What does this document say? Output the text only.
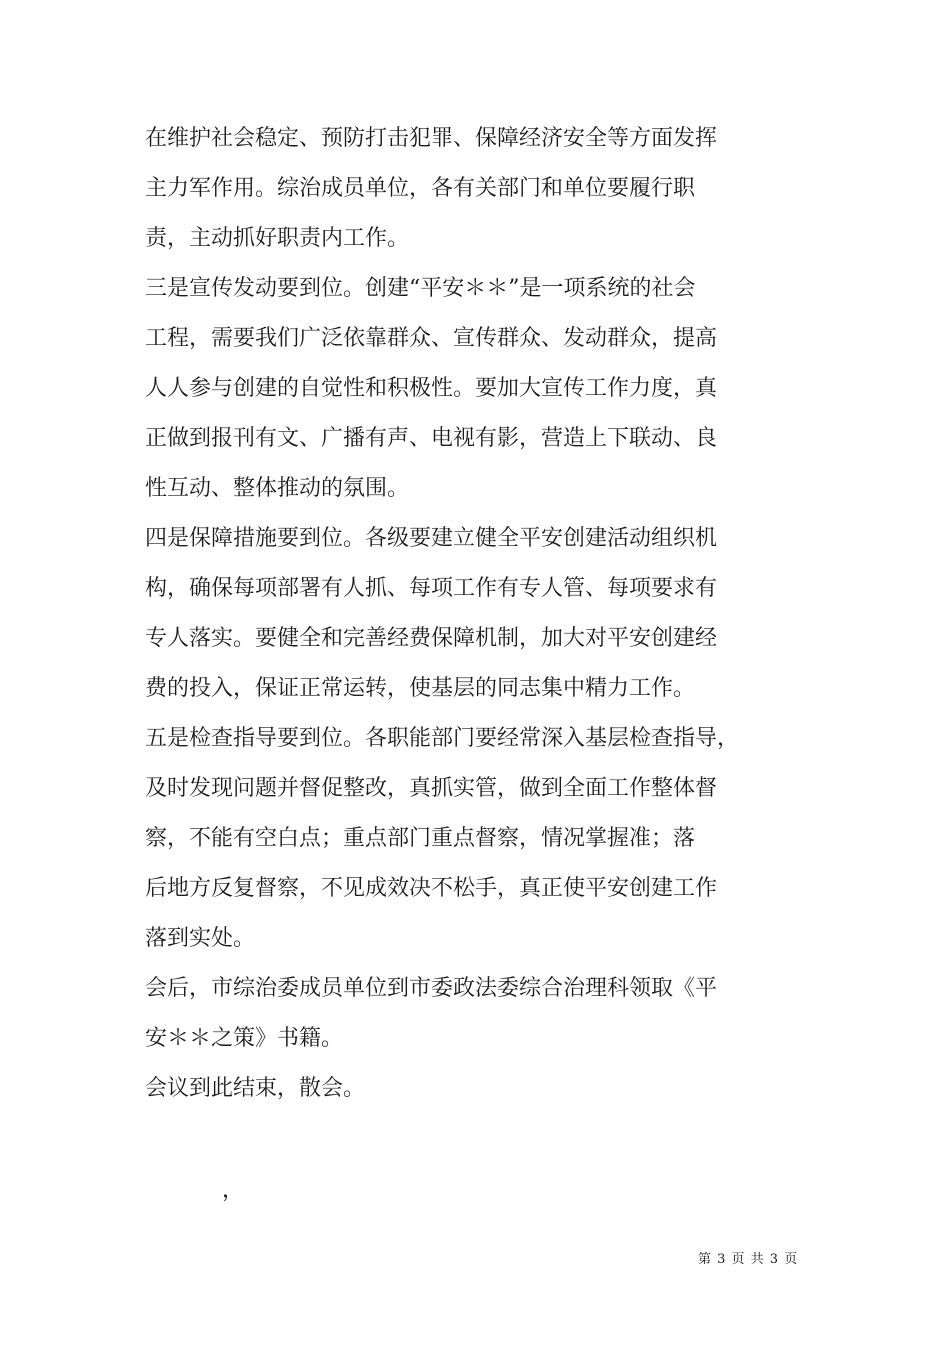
在维护社会稳定、预防打击犯罪、保障经济安全等方面发挥
主力军作用。综治成员单位，各有关部门和单位要履行职
责，主动抓好职责内工作。
三是宣传发动要到位。创建“平安＊＊”是一项系统的社会
工程，需要我们广泛依靠群众、宣传群众、发动群众，提高
人人参与创建的自觉性和积极性。要加大宣传工作力度，真
正做到报刊有文、广播有声、电视有影，营造上下联动、良
性互动、整体推动的氛围。
四是保障措施要到位。各级要建立健全平安创建活动组织机
构，确保每项部署有人抓、每项工作有专人管、每项要求有
专人落实。要健全和完善经费保障机制，加大对平安创建经
费的投入，保证正常运转，使基层的同志集中精力工作。
五是检查指导要到位。各职能部门要经常深入基层检查指导，
及时发现问题并督促整改，真抓实管，做到全面工作整体督
察，不能有空白点；重点部门重点督察，情况掌握准；落
后地方反复督察，不见成效决不松手，真正使平安创建工作
落到实处。
会后，市综治委成员单位到市委政法委综合治理科领取《平
安＊＊之策》书籍。
会议到此结束，散会。
，
第 3 页 共 3 页
